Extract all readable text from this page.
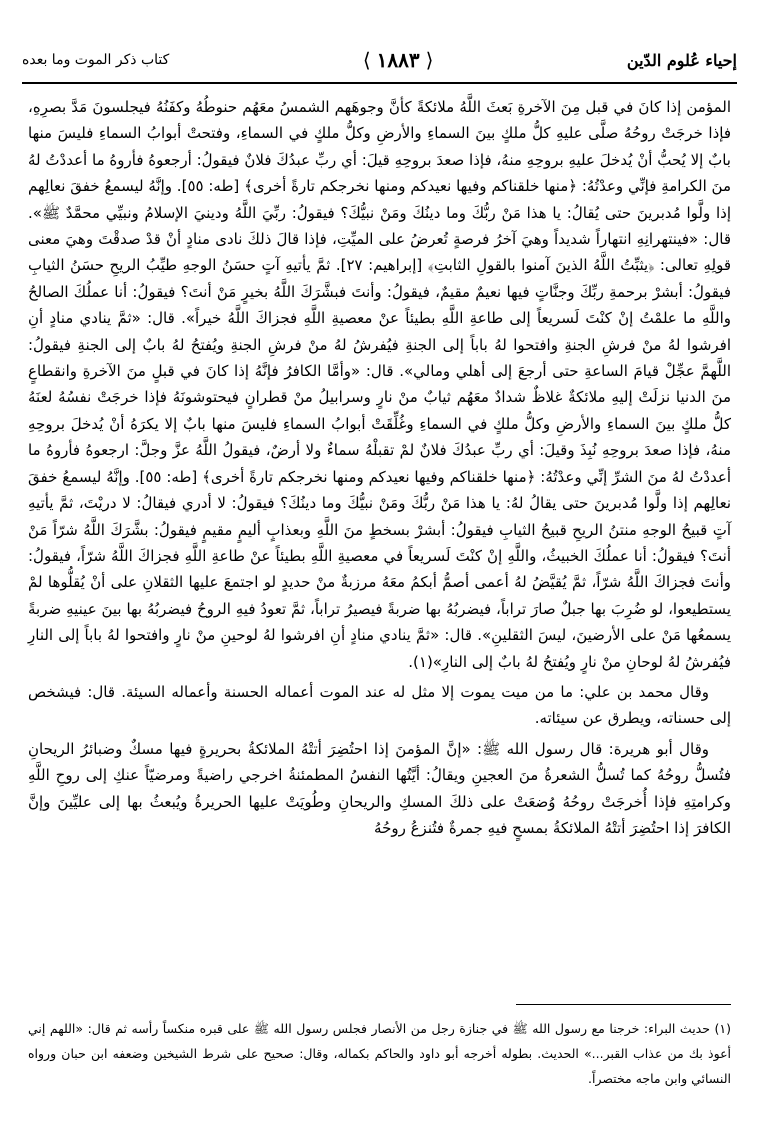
إحياء عُلوم الدّين
⟨ ١٨٨٣ ⟩
كتاب ذكر الموت وما بعده

المؤمن إذا كانَ في قبل مِنَ الآخرةِ بَعثَ اللَّهُ ملائكةً كأنَّ وجوهَهم الشمسُ معَهُم حنوطُهُ وكفَنُهُ فيجلسونَ مَدَّ بصرِهِ، فإذا خرجَتْ روحُهُ صلَّى عليهِ كلُّ ملكٍ بينَ السماءِ والأرضِ وكلُّ ملكٍ في السماءِ، وفتحتْ أبوابُ السماءِ فليسَ منها بابٌ إلا يُحبُّ أنْ يُدخلَ عليهِ بروحِهِ منهُ، فإذا صعدَ بروحِهِ قيلَ: أي ربِّ عبدُكَ فلانٌ فيقولُ: أرجعوهُ فأروهُ ما أعددْتُ لهُ منَ الكرامةِ فإنِّي وعدْتُهُ: ﴿منها خلقناكم وفيها نعيدكم ومنها نخرجكم تارةً أخرى﴾ [طه: ٥٥]. وإنَّهُ ليسمعُ خفقَ نعالِهم إذا ولَّوا مُدبرينَ حتى يُقالُ: يا هذا مَنْ ربُّكَ وما دينُكَ ومَنْ نبيُّكَ؟ فيقولُ: ربِّيَ اللَّهُ ودينيَ الإسلامُ ونبيِّي محمَّدٌ ﷺ». قال: «فينتهرانِهِ انتهاراً شديداً وهيَ آخرُ فرصةٍ تُعرضُ على الميِّتِ، فإذا قالَ ذلكَ نادى منادٍ أنْ قدْ صدقْتَ وهيَ معنى قولِهِ تعالى: ﴿يثبِّتُ اللَّهُ الذينَ آمنوا بالقولِ الثابتِ﴾ [إبراهيم: ٢٧]. ثمَّ يأتيهِ آتٍ حسَنُ الوجهِ طيِّبُ الريحِ حسَنُ الثيابِ فيقولُ: أبشرْ برحمةِ ربِّكَ وجنَّاتٍ فيها نعيمٌ مقيمٌ، فيقولُ: وأنتَ فبشَّرَكَ اللَّهُ بخيرٍ مَنْ أنتَ؟ فيقولُ: أنا عملُكَ الصالحُ واللَّهِ ما علمْتُ إنْ كنْتَ لَسريعاً إلى طاعةِ اللَّهِ بطيئاً عنْ معصيةِ اللَّهِ فجزاكَ اللَّهُ خيراً». قال: «ثمَّ ينادي منادٍ أنِ افرشوا لهُ منْ فرشِ الجنةِ وافتحوا لهُ باباً إلى الجنةِ فيُفرشُ لهُ منْ فرشِ الجنةِ ويُفتحُ لهُ بابٌ إلى الجنةِ فيقولُ: اللَّهمَّ عجِّلْ قيامَ الساعةِ حتى أرجعَ إلى أهلي ومالي». قال: «وأمَّا الكافرُ فإنَّهُ إذا كانَ في قبلٍ منَ الآخرةِ وانقطاعٍ منَ الدنيا نزلَتْ إليهِ ملائكةٌ غلاظٌ شدادٌ معَهُم ثيابٌ منْ نارٍ وسرابيلُ منْ قطرانٍ فيحتوشونَهُ فإذا خرجَتْ نفسُهُ لعنَهُ كلُّ ملكٍ بينَ السماءِ والأرضِ وكلُّ ملكٍ في السماءِ وغُلِّقَتْ أبوابُ السماءِ فليسَ منها بابٌ إلا يكرَهُ أنْ يُدخلَ بروحِهِ منهُ، فإذا صعدَ بروحِهِ نُبِذَ وقيلَ: أي ربِّ عبدُكَ فلانٌ لمْ تقبلْهُ سماءٌ ولا أرضٌ، فيقولُ اللَّهُ عزَّ وجلَّ: ارجعوهُ فأروهُ ما أعددْتُ لهُ منَ الشرِّ إنِّي وعدْتُهُ: ﴿منها خلقناكم وفيها نعيدكم ومنها نخرجكم تارةً أخرى﴾ [طه: ٥٥]. وإنَّهُ ليسمعُ خفقَ نعالِهم إذا ولَّوا مُدبرينَ حتى يقالُ لهُ: يا هذا مَنْ ربُّكَ ومَنْ نبيُّكَ وما دينُكَ؟ فيقولُ: لا أدري فيقالُ: لا دريْتَ، ثمَّ يأتيهِ آتٍ قبيحُ الوجهِ منتنُ الريحِ قبيحُ الثيابِ فيقولُ: أبشرْ بسخطٍ منَ اللَّهِ وبعذابٍ أليمٍ مقيمٍ فيقولُ: بشَّرَكَ اللَّهُ شرّاً مَنْ أنتَ؟ فيقولُ: أنا عملُكَ الخبيثُ، واللَّهِ إنْ كنْتَ لَسريعاً في معصيةِ اللَّهِ بطيئاً عنْ طاعةِ اللَّهِ فجزاكَ اللَّهُ شرّاً، فيقولُ: وأنتَ فجزاكَ اللَّهُ شرّاً، ثمَّ يُقيَّضُ لهُ أعمى أصمُّ أبكمُ معَهُ مرزبةٌ منْ حديدٍ لو اجتمعَ عليها الثقلانِ على أنْ يُقلُّوها لمْ يستطيعوا، لو ضُرِبَ بها جبلٌ صارَ تراباً، فيضربُهُ بها ضربةً فيصيرُ تراباً، ثمَّ تعودُ فيهِ الروحُ فيضربُهُ بها بينَ عينيهِ ضربةً يسمعُها مَنْ على الأرضينَ، ليسَ الثقلينِ». قال: «ثمَّ ينادي منادٍ أنِ افرشوا لهُ لوحينِ منْ نارٍ وافتحوا لهُ باباً إلى النارِ فيُفرشُ لهُ لوحانِ منْ نارٍ ويُفتحُ لهُ بابٌ إلى النارِ»(١).

وقال محمد بن علي: ما من ميت يموت إلا مثل له عند الموت أعماله الحسنة وأعماله السيئة. قال: فيشخص إلى حسناته، ويطرق عن سيئاته.

وقال أبو هريرة: قال رسول الله ﷺ: «إنَّ المؤمنَ إذا احتُضِرَ أتتْهُ الملائكةُ بحريرةٍ فيها مسكٌ وضبائرُ الريحانِ فتُسلُّ روحُهُ كما تُسلُّ الشعرةُ منَ العجينِ ويقالُ: أيَّتُها النفسُ المطمئنةُ اخرجي راضيةً ومرضيّاً عنكِ إلى روحِ اللَّهِ وكرامتِهِ فإذا أُخرجَتْ روحُهُ وُضعَتْ على ذلكَ المسكِ والريحانِ وطُويَتْ عليها الحريرةُ ويُبعثُ بها إلى عليِّينَ وإنَّ الكافرَ إذا احتُضِرَ أتتْهُ الملائكةُ بمسحٍ فيهِ جمرةٌ فتُنزعُ روحُهُ

(١) حديث البراء: خرجنا مع رسول الله ﷺ في جنازة رجل من الأنصار فجلس رسول الله ﷺ على قبره منكساً رأسه ثم قال: «اللهم إني أعوذ بك من عذاب القبر...» الحديث. بطوله أخرجه أبو داود والحاكم بكماله، وقال: صحيح على شرط الشيخين وضعفه ابن حبان ورواه النسائي وابن ماجه مختصراً.
